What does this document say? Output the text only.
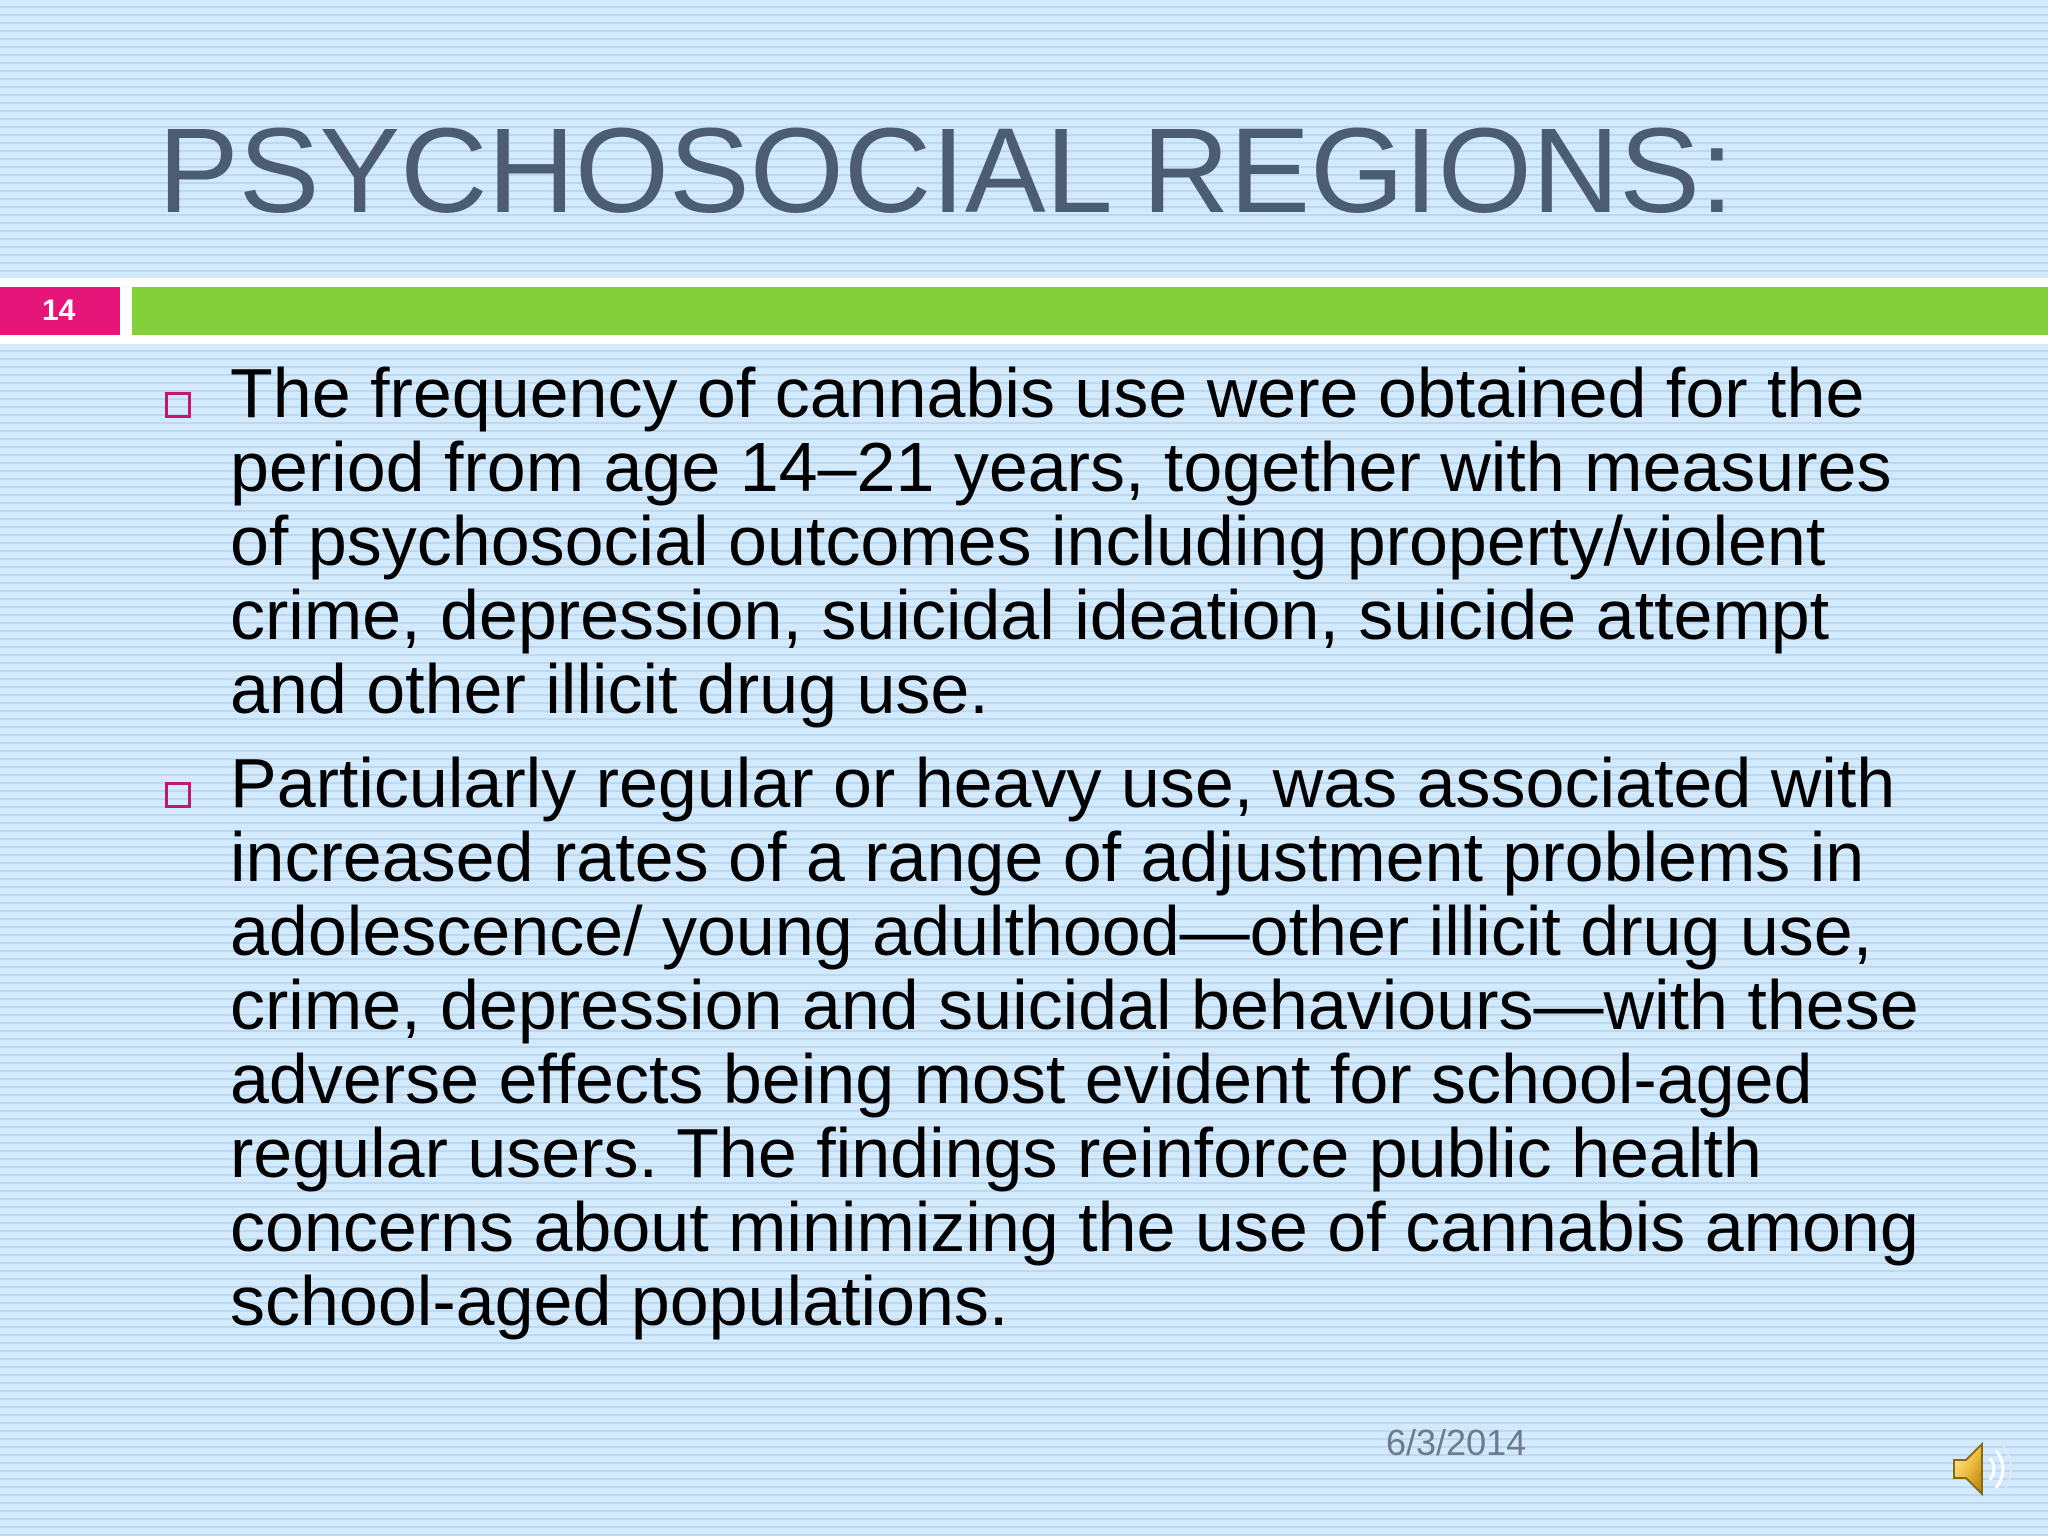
PSYCHOSOCIAL REGIONS:
14
The frequency of cannabis use were obtained for the period from age 14–21 years, together with measures of psychosocial outcomes including property/violent crime, depression, suicidal ideation, suicide attempt and other illicit drug use.
Particularly regular or heavy use, was associated with increased rates of a range of adjustment problems in adolescence/ young adulthood—other illicit drug use, crime, depression and suicidal behaviours—with these adverse effects being most evident for school-aged regular users. The findings reinforce public health concerns about minimizing the use of cannabis among school-aged populations.
6/3/2014
